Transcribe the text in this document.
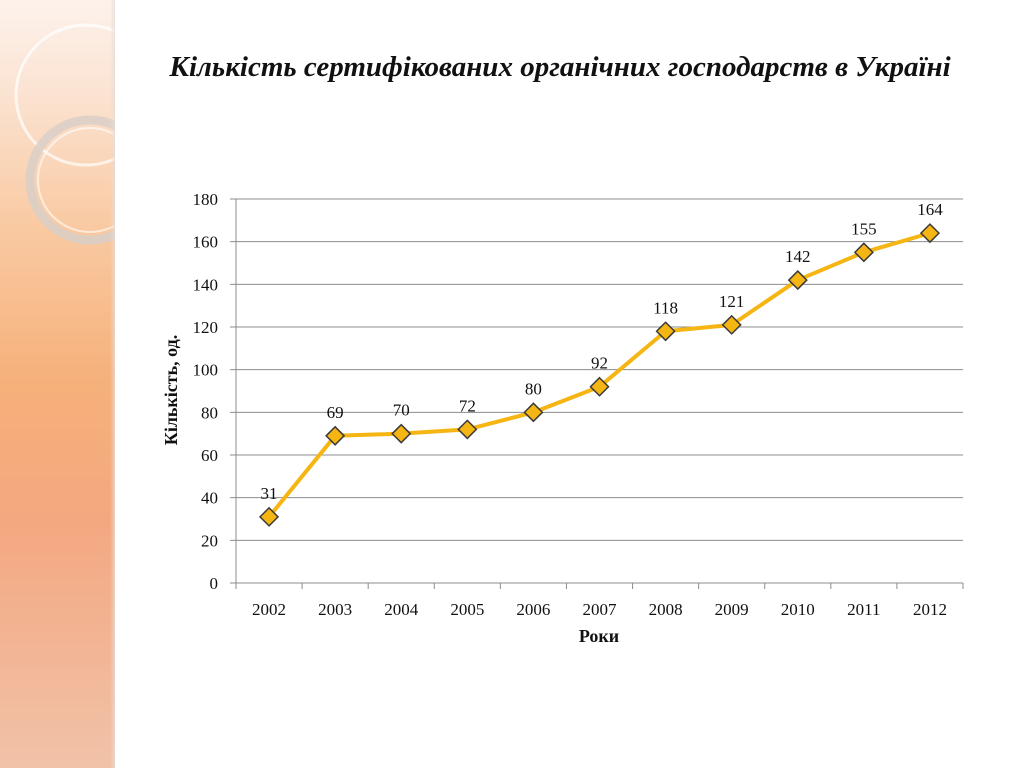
Кількість сертифікованих органічних господарств в Україні
0
20
40
60
80
100
120
140
160
180
2002 2003 2004 2005 2006 2007 2008 2009 2010 2011 2012
31
69	70	72
80
92
118 121
142
155
164
Роки
Кількість, од.
